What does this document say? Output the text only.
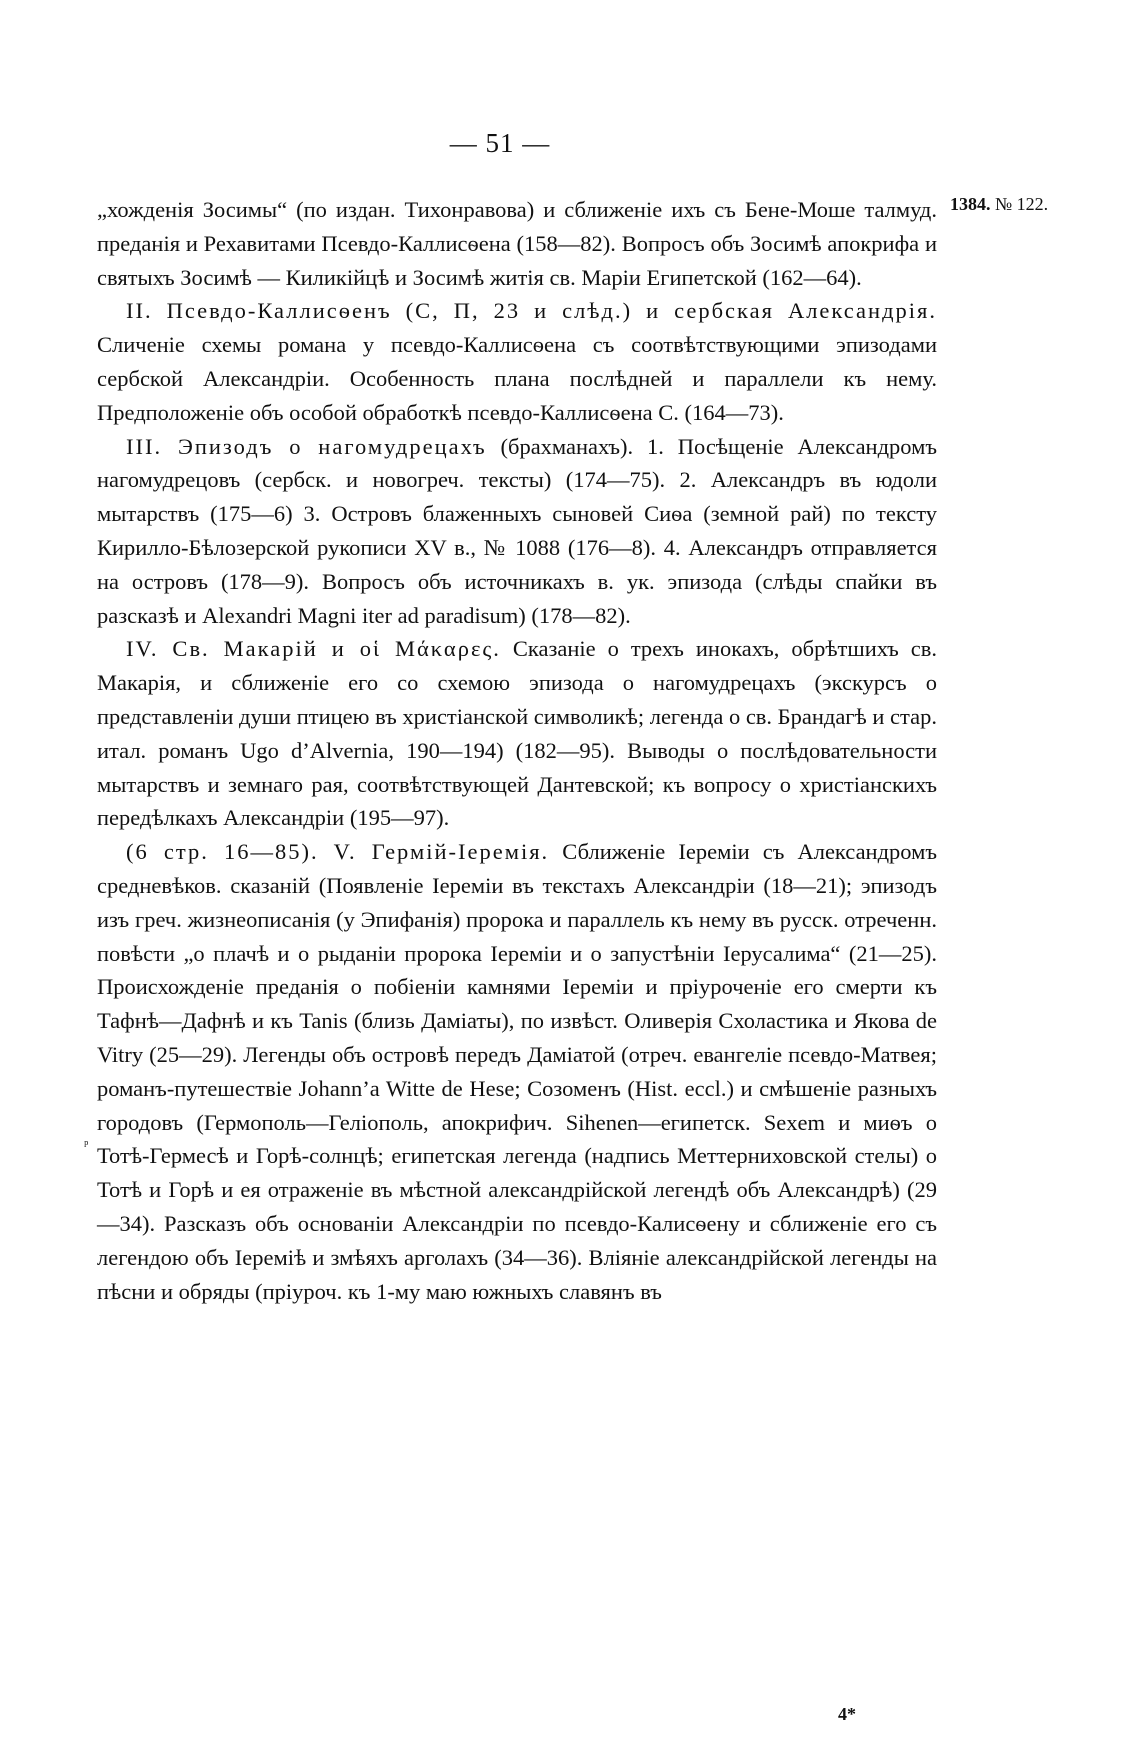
— 51 —
1384. № 122.
ᵖ

„хожденія Зосимы“ (по издан. Тихонравова) и сближеніе ихъ съ Бене-Моше талмуд. преданія и Рехавитами Псевдо-Каллисѳена (158—82). Вопросъ объ Зосимѣ апокрифа и святыхъ Зосимѣ — Киликійцѣ и Зосимѣ житія св. Маріи Египетской (162—64).

II. Псевдо-Каллисѳенъ (С, П, 23 и слѣд.) и сербская Александрія. Сличеніе схемы романа у псевдо-Каллисѳена съ соотвѣтствующими эпизодами сербской Александріи. Особенность плана послѣдней и параллели къ нему. Предположеніе объ особой обработкѣ псевдо-Каллисѳена С. (164—73).

III. Эпизодъ о нагомудрецахъ (брахманахъ). 1. Посѣщеніе Александромъ нагомудрецовъ (сербск. и новогреч. тексты) (174—75). 2. Александръ въ юдоли мытарствъ (175—6) 3. Островъ блаженныхъ сыновей Сиѳа (земной рай) по тексту Кирилло-Бѣлозерской рукописи XV в., № 1088 (176—8). 4. Александръ отправляется на островъ (178—9). Вопросъ объ источникахъ в. ук. эпизода (слѣды спайки въ разсказѣ и Alexandri Magni iter ad paradisum) (178—82).

IV. Св. Макарій и οἱ Μάκαρες. Сказаніе о трехъ инокахъ, обрѣтшихъ св. Макарія, и сближеніе его со схемою эпизода о нагомудрецахъ (экскурсъ о представленіи души птицею въ христіанской символикѣ; легенда о св. Брандагѣ и стар. итал. романъ Ugo d’Alvernia, 190—194) (182—95). Выводы о послѣдовательности мытарствъ и земнаго рая, соотвѣтствующей Дантевской; къ вопросу о христіанскихъ передѣлкахъ Александріи (195—97).

(6 стр. 16—85). V. Гермій-Іеремія. Сближеніе Іереміи съ Александромъ средневѣков. сказаній (Появленіе Іереміи въ текстахъ Александріи (18—21); эпизодъ изъ греч. жизнеописанія (у Эпифанія) пророка и параллель къ нему въ русск. отреченн. повѣсти „о плачѣ и о рыданіи пророка Іереміи и о запустѣніи Іерусалима“ (21—25). Происхожденіе преданія о побіеніи камнями Іереміи и пріуроченіе его смерти къ Тафнѣ—Дафнѣ и къ Tanis (близь Даміаты), по извѣст. Оливерія Схоластика и Якова de Vitry (25—29). Легенды объ островѣ передъ Даміатой (отреч. евангеліе псевдо-Матвея; романъ-путешествіе Johann’a Witte de Hese; Созоменъ (Hist. eccl.) и смѣшеніе разныхъ городовъ (Гермополь—Геліополь, апокрифич. Sihenen—египетск. Sexem и миѳъ о Тотѣ-Гермесѣ и Горѣ-солнцѣ; египетская легенда (надпись Меттерниховской стелы) о Тотѣ и Горѣ и ея отраженіе въ мѣстной александрійской легендѣ объ Александрѣ) (29—34). Разсказъ объ основаніи Александріи по псевдо-Калисѳену и сближеніе его съ легендою объ Іереміѣ и змѣяхъ арголахъ (34—36). Вліяніе александрійской легенды на пѣсни и обряды (пріуроч. къ 1-му маю южныхъ славянъ въ

4*
